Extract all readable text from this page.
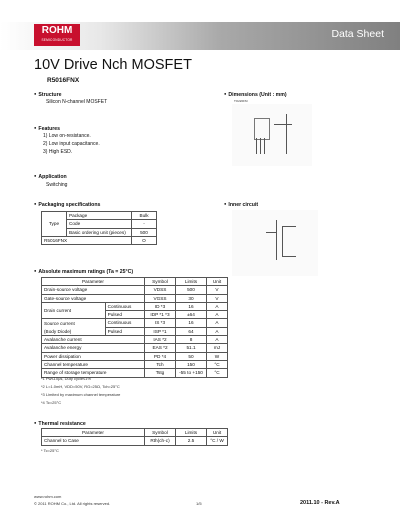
ROHM
SEMICONDUCTOR	Data Sheet
10V Drive Nch MOSFET
R5016FNX
● Structure
Silicon N-channel MOSFET
● Dimensions (Unit : mm)
TO220FM
● Features
1) Low on-resistance.
2) Low input capacitance.
3) High ESD.
● Application
Switching
● Packaging specifications
Type	Package	Bulk
	Code	-
	Basic ordering unit (pieces)	500
R5016FNX		O
● Inner circuit
● Absolute maximum ratings (Ta = 25°C)
Parameter		Symbol	Limits	Unit
Drain-source voltage		VDSS	500	V
Gate-source voltage		VGSS	30	V
Drain current	Continuous	ID *3	16	A
	Pulsed	IDP *1 *3	±64	A
Source current	Continuous	IS *3	16	A
(Body Diode)	Pulsed	ISP *1	64	A
Avalanche current		IAS *2	8	A
Avalanche energy		EAS *2	51.1	mJ
Power dissipation		PD *4	50	W
Channel temperature		Tch	150	°C
Range of storage temperature		Tstg	-55 to +150	°C
*1 Pw≤10μs, Duty cycle≤1%
*2 L=1.0mH, VDD=50V, RG=25Ω, Tch=25°C
*3 Limited by maximum channel temperature
*4 Tc=25°C
● Thermal resistance
Parameter	Symbol	Limits	Unit
Channel to Case	Rth(ch-c)	2.5	°C / W
* Tc=25°C
www.rohm.com
© 2011 ROHM Co., Ltd. All rights reserved.	1/5	2011.10 - Rev.A
